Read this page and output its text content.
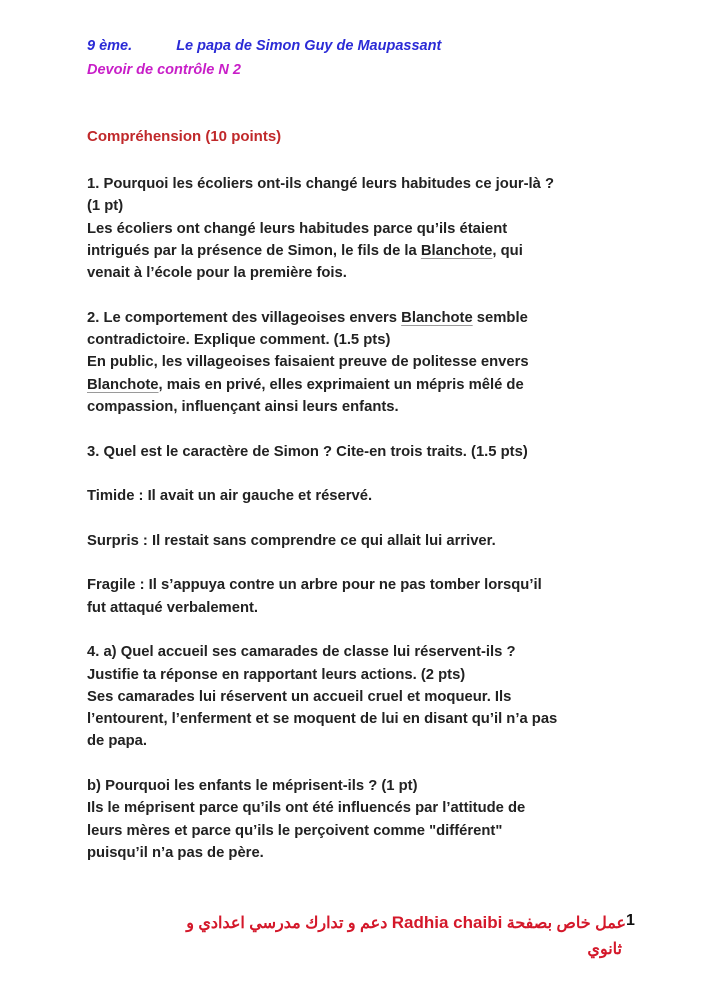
9 ème.	Le papa de Simon Guy de Maupassant
Devoir de contrôle N 2
Compréhension (10 points)

1. Pourquoi les écoliers ont-ils changé leurs habitudes ce jour-là ?
(1 pt)
Les écoliers ont changé leurs habitudes parce qu’ils étaient
intrigués par la présence de Simon, le fils de la Blanchote, qui
venait à l’école pour la première fois.

2. Le comportement des villageoises envers Blanchote semble
contradictoire. Explique comment. (1.5 pts)
En public, les villageoises faisaient preuve de politesse envers
Blanchote, mais en privé, elles exprimaient un mépris mêlé de
compassion, influençant ainsi leurs enfants.

3. Quel est le caractère de Simon ? Cite-en trois traits. (1.5 pts)

Timide : Il avait un air gauche et réservé.

Surpris : Il restait sans comprendre ce qui allait lui arriver.

Fragile : Il s’appuya contre un arbre pour ne pas tomber lorsqu’il
fut attaqué verbalement.

4. a) Quel accueil ses camarades de classe lui réservent-ils ?
Justifie ta réponse en rapportant leurs actions. (2 pts)
Ses camarades lui réservent un accueil cruel et moqueur. Ils
l’entourent, l’enferment et se moquent de lui en disant qu’il n’a pas
de papa.

b) Pourquoi les enfants le méprisent-ils ? (1 pt)
Ils le méprisent parce qu’ils ont été influencés par l’attitude de
leurs mères et parce qu’ils le perçoivent comme "différent"
puisqu’il n’a pas de père.

1
عمل خاص بصفحة Radhia chaibi دعم و تدارك مدرسي اعدادي و
ثانوي
